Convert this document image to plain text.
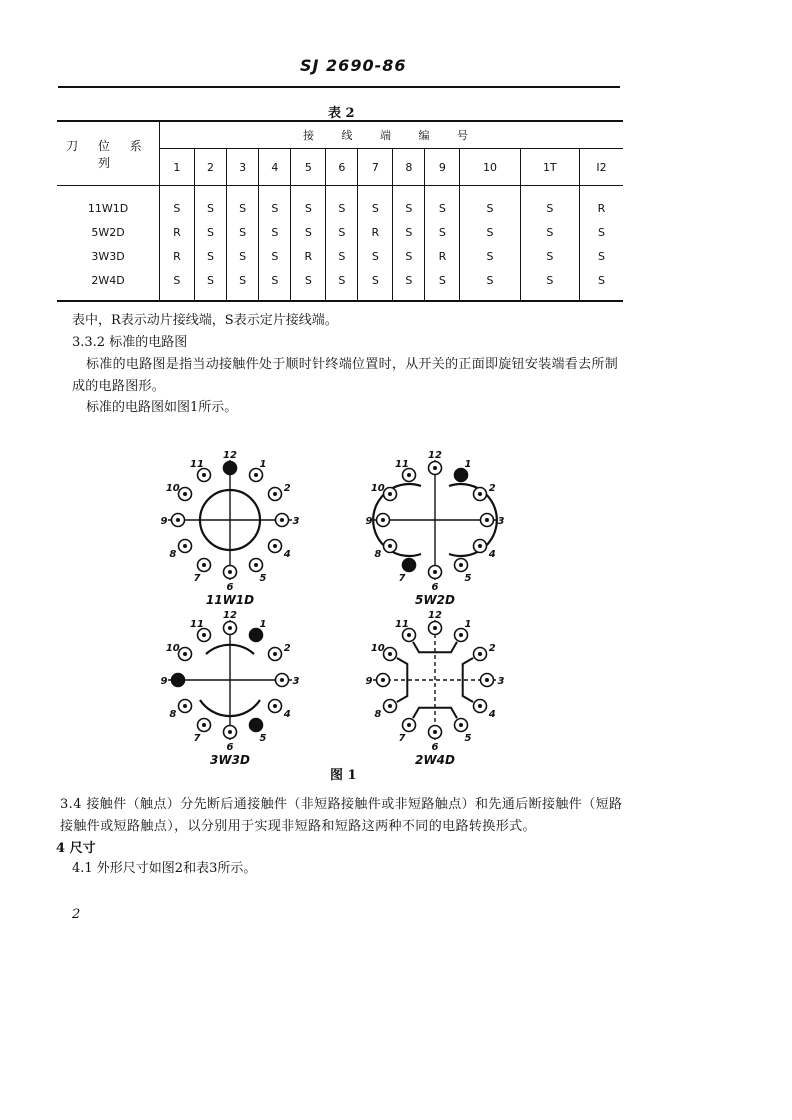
SJ 2690-86
表 2
刀 位 系 列	接 线 端 编 号											
	1	2	3	4	5	6	7	8	9	10	1T	I2
11W1D	S	S	S	S	S	S	S	S	S	S	S	R
5W2D	R	S	S	S	S	S	R	S	S	S	S	S
3W3D	R	S	S	S	R	S	S	S	R	S	S	S
2W4D	S	S	S	S	S	S	S	S	S	S	S	S
表中，R表示动片接线端，S表示定片接线端。
3.3.2 标准的电路图
标准的电路图是指当动接触件处于顺时针终端位置时，从开关的正面即旋钮安装端看去所制成的电路图形。
标准的电路图如图1所示。
1
2
3
4
5
6
7
8
9
10
11
12
11W1D
1
2
3
4
5
6
7
8
9
10
11
12
5W2D
1
2
3
4
5
6
7
8
9
10
11
12
3W3D
1
2
3
4
5
6
7
8
9
10
11
12
2W4D
图 1
3.4 接触件（触点）分先断后通接触件（非短路接触件或非短路触点）和先通后断接触件（短路接触件或短路触点），以分别用于实现非短路和短路这两种不同的电路转换形式。
4 尺寸
4.1 外形尺寸如图2和表3所示。
2
